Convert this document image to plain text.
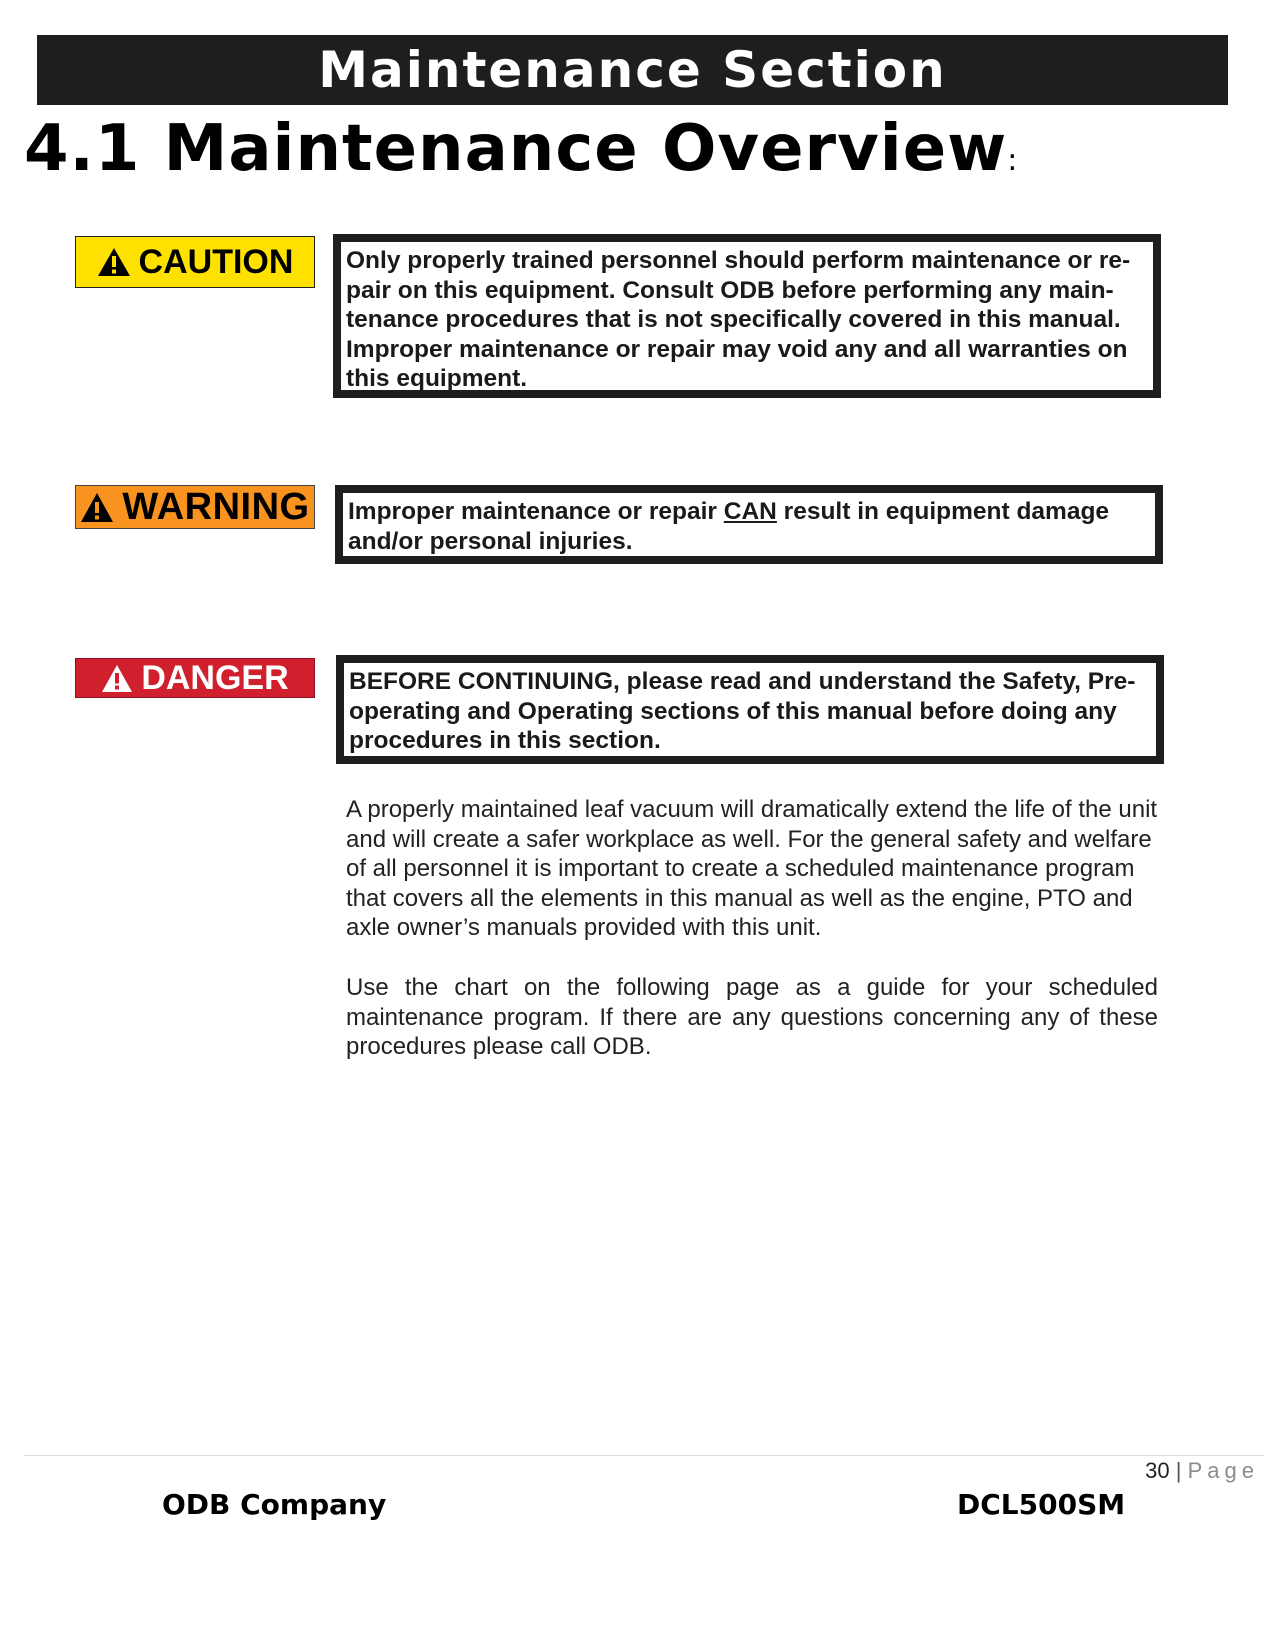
Maintenance Section
4.1 Maintenance Overview:
CAUTION	Only properly trained personnel should perform maintenance or re-pair on this equipment. Consult ODB before performing any main-tenance procedures that is not specifically covered in this manual. Improper maintenance or repair may void any and all warranties on this equipment.
WARNING	Improper maintenance or repair CAN result in equipment damage and/or personal injuries.
DANGER	BEFORE CONTINUING, please read and understand the Safety, Pre-operating and Operating sections of this manual before doing any procedures in this section.

A properly maintained leaf vacuum will dramatically extend the life of the unit and will create a safer workplace as well. For the general safety and welfare of all personnel it is important to create a scheduled maintenance program that covers all the elements in this manual as well as the engine, PTO and axle owner’s manuals provided with this unit.

Use the chart on the following page as a guide for your scheduled maintenance program. If there are any questions concerning any of these procedures please call ODB.

30 | Page
ODB Company	DCL500SM
